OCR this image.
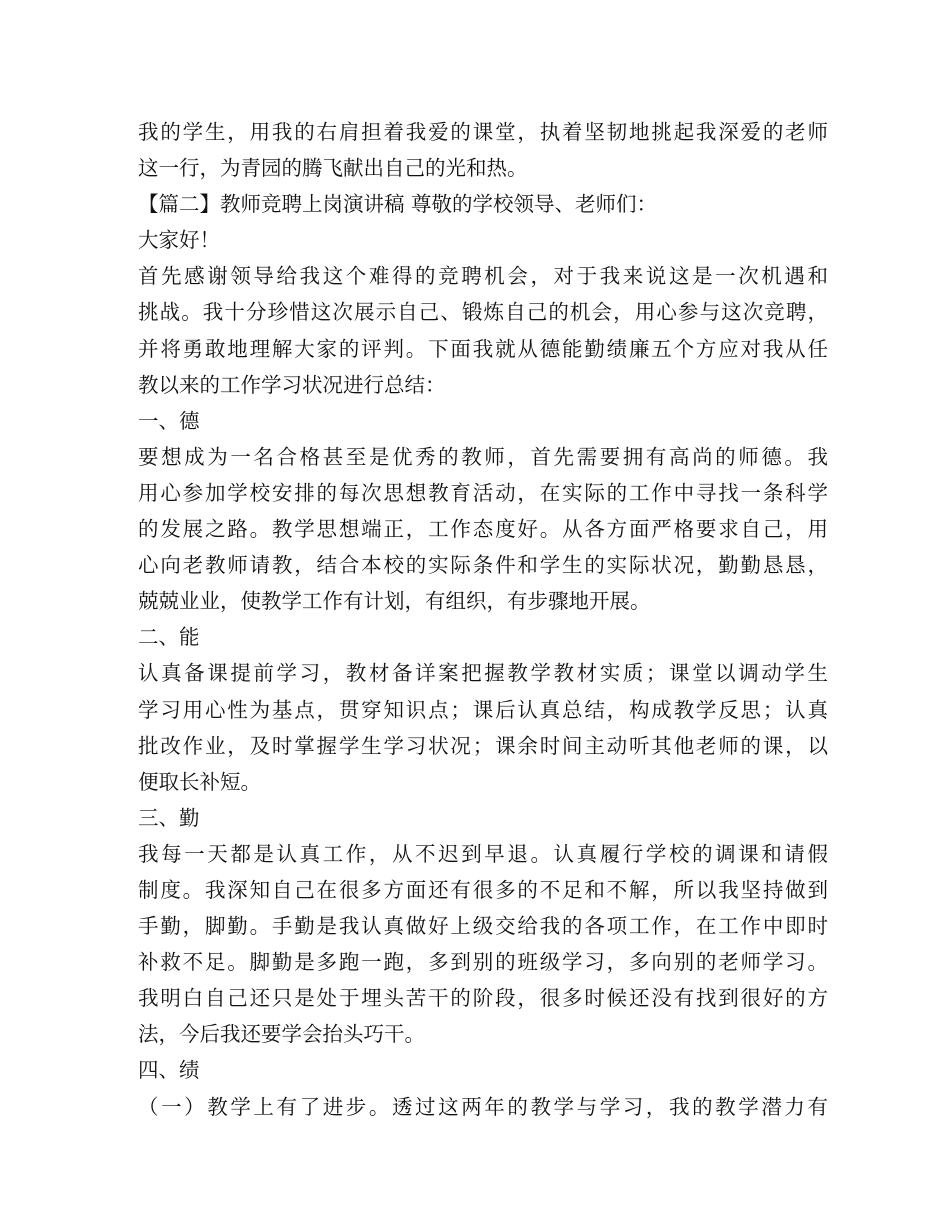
我的学生，用我的右肩担着我爱的课堂，执着坚韧地挑起我深爱的老师
这一行，为青园的腾飞献出自己的光和热。
【篇二】教师竞聘上岗演讲稿 尊敬的学校领导、老师们：
大家好！
首先感谢领导给我这个难得的竞聘机会，对于我来说这是一次机遇和
挑战。我十分珍惜这次展示自己、锻炼自己的机会，用心参与这次竞聘，
并将勇敢地理解大家的评判。下面我就从德能勤绩廉五个方应对我从任
教以来的工作学习状况进行总结：
一、德
要想成为一名合格甚至是优秀的教师，首先需要拥有高尚的师德。我
用心参加学校安排的每次思想教育活动，在实际的工作中寻找一条科学
的发展之路。教学思想端正，工作态度好。从各方面严格要求自己，用
心向老教师请教，结合本校的实际条件和学生的实际状况，勤勤恳恳，
兢兢业业，使教学工作有计划，有组织，有步骤地开展。
二、能
认真备课提前学习，教材备详案把握教学教材实质；课堂以调动学生
学习用心性为基点，贯穿知识点；课后认真总结，构成教学反思；认真
批改作业，及时掌握学生学习状况；课余时间主动听其他老师的课，以
便取长补短。
三、勤
我每一天都是认真工作，从不迟到早退。认真履行学校的调课和请假
制度。我深知自己在很多方面还有很多的不足和不解，所以我坚持做到
手勤，脚勤。手勤是我认真做好上级交给我的各项工作，在工作中即时
补救不足。脚勤是多跑一跑，多到别的班级学习，多向别的老师学习。
我明白自己还只是处于埋头苦干的阶段，很多时候还没有找到很好的方
法，今后我还要学会抬头巧干。
四、绩
（一）教学上有了进步。透过这两年的教学与学习，我的教学潜力有
